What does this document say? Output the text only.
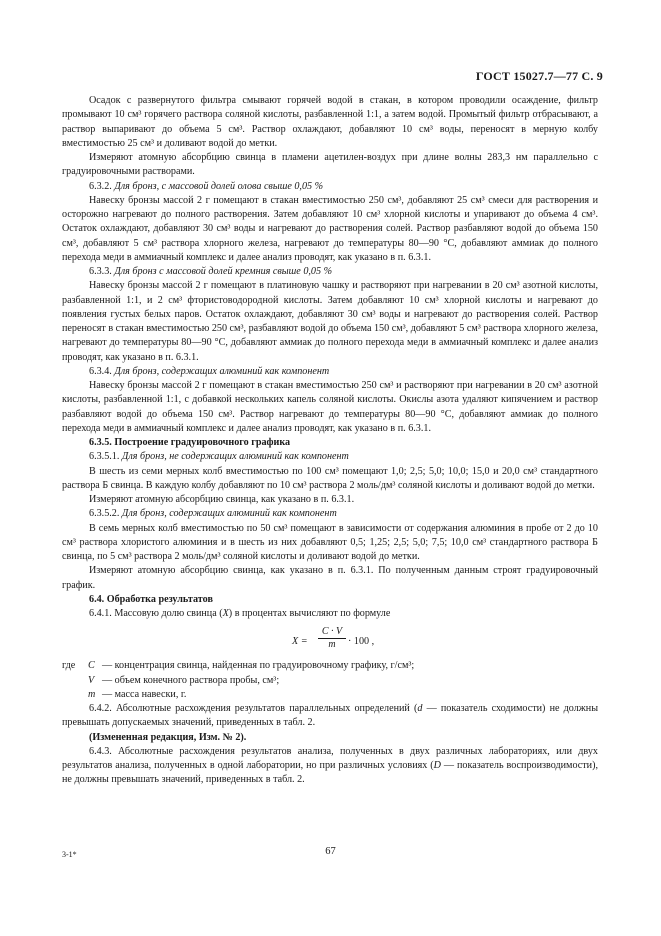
ГОСТ 15027.7—77 С. 9

Осадок с развернутого фильтра смывают горячей водой в стакан, в котором проводили осаждение, фильтр промывают 10 см³ горячего раствора соляной кислоты, разбавленной 1:1, а затем водой. Промытый фильтр отбрасывают, а раствор выпаривают до объема 5 см³. Раствор охлаждают, добавляют 10 см³ воды, переносят в мерную колбу вместимостью 25 см³ и доливают водой до метки.

Измеряют атомную абсорбцию свинца в пламени ацетилен-воздух при длине волны 283,3 нм параллельно с градуировочными растворами.

6.3.2. Для бронз, с массовой долей олова свыше 0,05 %

Навеску бронзы массой 2 г помещают в стакан вместимостью 250 см³, добавляют 25 см³ смеси для растворения и осторожно нагревают до полного растворения. Затем добавляют 10 см³ хлорной кислоты и упаривают до объема 4 см³. Остаток охлаждают, добавляют 30 см³ воды и нагревают до растворения солей. Раствор разбавляют водой до объема 150 см³, добавляют 5 см³ раствора хлорного железа, нагревают до температуры 80—90 °С, добавляют аммиак до полного перехода меди в аммиачный комплекс и далее анализ проводят, как указано в п. 6.3.1.

6.3.3. Для бронз с массовой долей кремния свыше 0,05 %

Навеску бронзы массой 2 г помещают в платиновую чашку и растворяют при нагревании в 20 см³ азотной кислоты, разбавленной 1:1, и 2 см³ фтористоводородной кислоты. Затем добавляют 10 см³ хлорной кислоты и нагревают до появления густых белых паров. Остаток охлаждают, добавляют 30 см³ воды и нагревают до растворения солей. Раствор переносят в стакан вместимостью 250 см³, разбавляют водой до объема 150 см³, добавляют 5 см³ раствора хлорного железа, нагревают до температуры 80—90 °С, добавляют аммиак до полного перехода меди в аммиачный комплекс и далее анализ проводят, как указано в п. 6.3.1.

6.3.4. Для бронз, содержащих алюминий как компонент

Навеску бронзы массой 2 г помещают в стакан вместимостью 250 см³ и растворяют при нагревании в 20 см³ азотной кислоты, разбавленной 1:1, с добавкой нескольких капель соляной кислоты. Окислы азота удаляют кипячением и раствор разбавляют водой до объема 150 см³. Раствор нагревают до температуры 80—90 °С, добавляют аммиак до полного перехода меди в аммиачный комплекс и далее анализ проводят, как указано в п. 6.3.1.

6.3.5. Построение градуировочного графика

6.3.5.1. Для бронз, не содержащих алюминий как компонент

В шесть из семи мерных колб вместимостью по 100 см³ помещают 1,0; 2,5; 5,0; 10,0; 15,0 и 20,0 см³ стандартного раствора Б свинца. В каждую колбу добавляют по 10 см³ раствора 2 моль/дм³ соляной кислоты и доливают водой до метки.

Измеряют атомную абсорбцию свинца, как указано в п. 6.3.1.

6.3.5.2. Для бронз, содержащих алюминий как компонент

В семь мерных колб вместимостью по 50 см³ помещают в зависимости от содержания алюминия в пробе от 2 до 10 см³ раствора хлористого алюминия и в шесть из них добавляют 0,5; 1,25; 2,5; 5,0; 7,5; 10,0 см³ стандартного раствора Б свинца, по 5 см³ раствора 2 моль/дм³ соляной кислоты и доливают водой до метки.

Измеряют атомную абсорбцию свинца, как указано в п. 6.3.1. По полученным данным строят градуировочный график.

6.4. Обработка результатов

6.4.1. Массовую долю свинца (X) в процентах вычисляют по формуле

$X = \frac{C \cdot V}{m} \cdot 100$ ,
где C — концентрация свинца, найденная по градуировочному графику, г/см³;
V — объем конечного раствора пробы, см³;
m — масса навески, г.

6.4.2. Абсолютные расхождения результатов параллельных определений (d — показатель сходимости) не должны превышать допускаемых значений, приведенных в табл. 2.

(Измененная редакция, Изм. № 2).

6.4.3. Абсолютные расхождения результатов анализа, полученных в двух различных лабораториях, или двух результатов анализа, полученных в одной лаборатории, но при различных условиях (D — показатель воспроизводимости), не должны превышать значений, приведенных в табл. 2.

3-1*	67
